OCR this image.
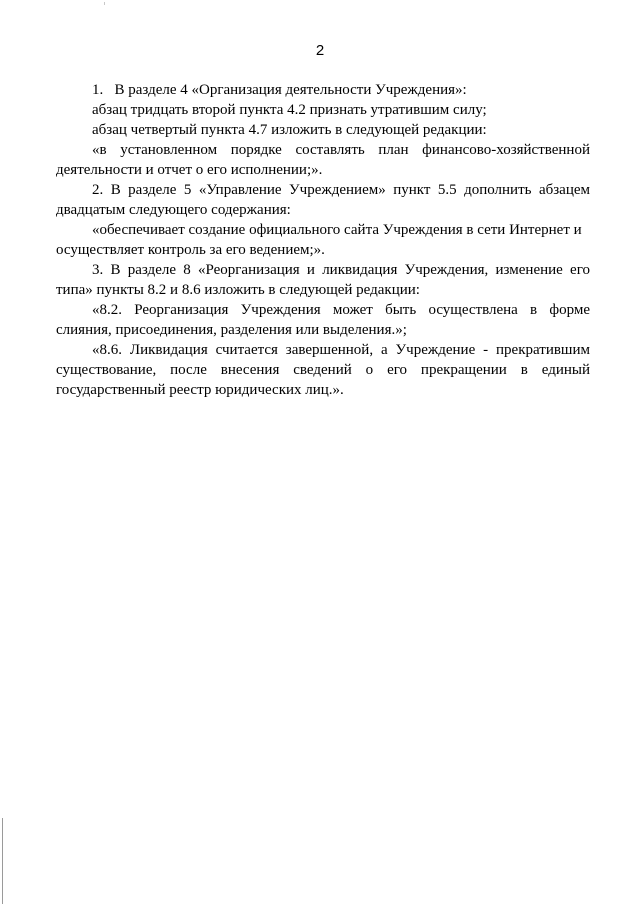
2

1.   В разделе 4 «Организация деятельности Учреждения»:

абзац тридцать второй пункта 4.2 признать утратившим силу;

абзац четвертый пункта 4.7 изложить в следующей редакции:

«в установленном порядке составлять план финансово-хозяйственной деятельности и отчет о его исполнении;».

2. В разделе 5 «Управление Учреждением» пункт 5.5 дополнить абзацем двадцатым следующего содержания:

«обеспечивает создание официального сайта Учреждения в сети Интернет и осуществляет контроль за его ведением;».

3. В разделе 8 «Реорганизация и ликвидация Учреждения, изменение его типа» пункты 8.2 и 8.6 изложить в следующей редакции:

«8.2. Реорганизация Учреждения может быть осуществлена в форме слияния, присоединения, разделения или выделения.»;

«8.6. Ликвидация считается завершенной, а Учреждение - прекратившим существование, после внесения сведений о его прекращении в единый государственный реестр юридических лиц.».
